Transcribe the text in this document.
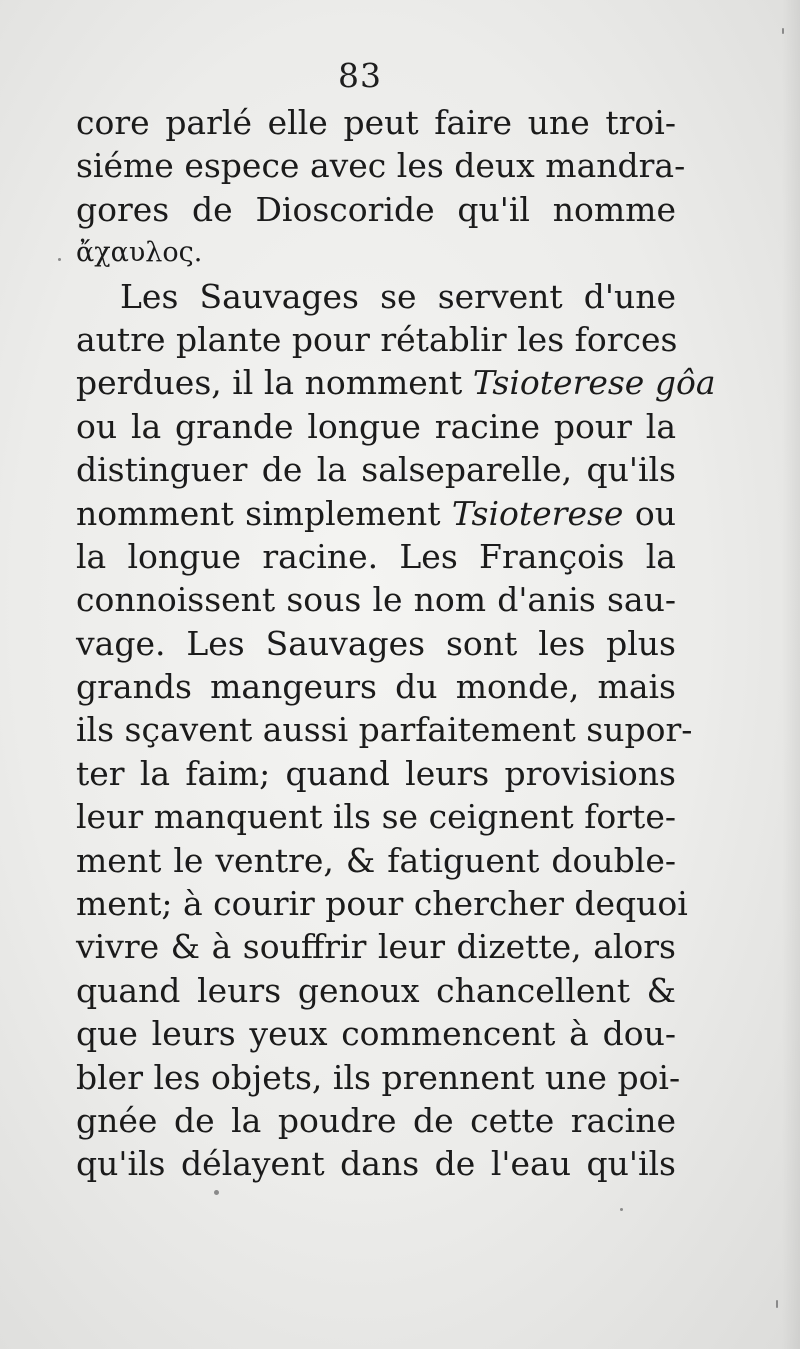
83
core parlé elle peut faire une troi-
siéme espece avec les deux mandra-
gores de Dioscoride qu'il nomme
ἄχαυλος.
Les Sauvages se servent d'une
autre plante pour rétablir les forces
perdues, il la nomment Tsioterese gôa
ou la grande longue racine pour la
distinguer de la salseparelle, qu'ils
nomment simplement Tsioterese ou
la longue racine. Les François la
connoissent sous le nom d'anis sau-
vage. Les Sauvages sont les plus
grands mangeurs du monde, mais
ils sçavent aussi parfaitement supor-
ter la faim; quand leurs provisions
leur manquent ils se ceignent forte-
ment le ventre, & fatiguent double-
ment; à courir pour chercher dequoi
vivre & à souffrir leur dizette, alors
quand leurs genoux chancellent &
que leurs yeux commencent à dou-
bler les objets, ils prennent une poi-
gnée de la poudre de cette racine
qu'ils délayent dans de l'eau qu'ils
